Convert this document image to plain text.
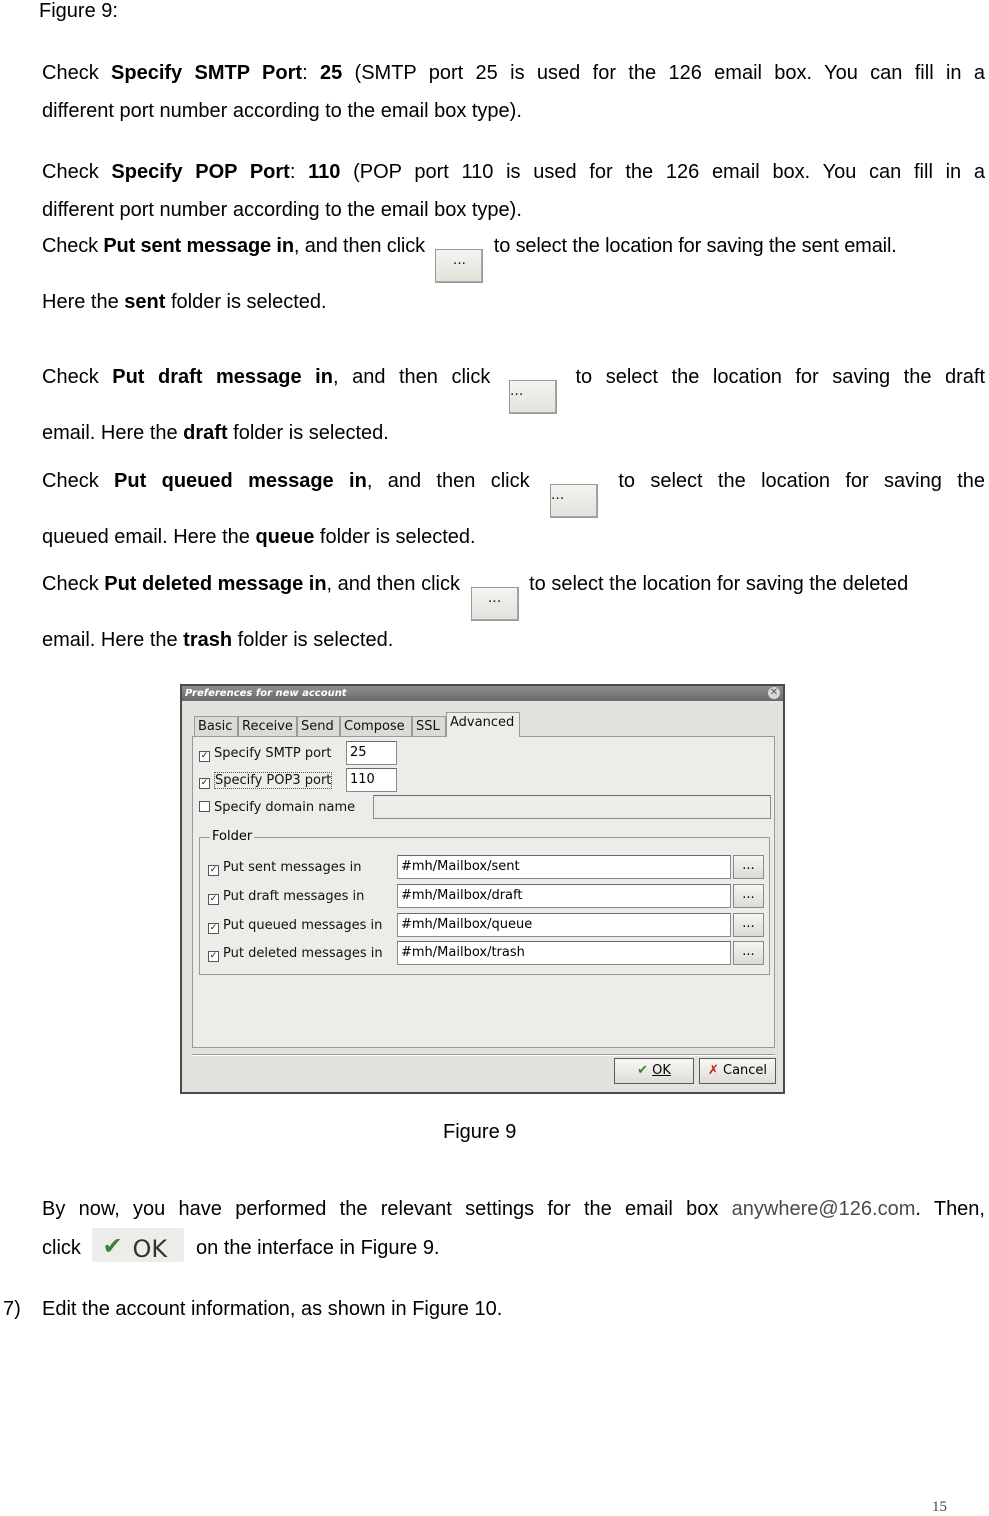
Figure 9:
Check Specify SMTP Port: 25 (SMTP port 25 is used for the 126 email box. You can fill in a
different port number according to the email box type).
Check Specify POP Port: 110 (POP port 110 is used for the 126 email box. You can fill in a
different port number according to the email box type).
Check Put sent message in, and then click ... to select the location for saving the sent email.
Here the sent folder is selected.
Check Put draft message in, and then click ... to select the location for saving the draft
email. Here the draft folder is selected.
Check Put queued message in, and then click ... to select the location for saving the
queued email. Here the queue folder is selected.
Check Put deleted message in, and then click ... to select the location for saving the deleted
email. Here the trash folder is selected.
Preferences for new account	✕
Basic Receive Send Compose SSL Advanced
✓ Specify SMTP port	25
✓ Specify POP3 port	110
Specify domain name
Folder
✓ Put sent messages in	#mh/Mailbox/sent	...
✓ Put draft messages in	#mh/Mailbox/draft	...
✓ Put queued messages in	#mh/Mailbox/queue	...
✓ Put deleted messages in	#mh/Mailbox/trash	...
✔ OK	✗ Cancel
Figure 9
By now, you have performed the relevant settings for the email box anywhere@126.com. Then,
click ✔ OK on the interface in Figure 9.
7) Edit the account information, as shown in Figure 10.
15
